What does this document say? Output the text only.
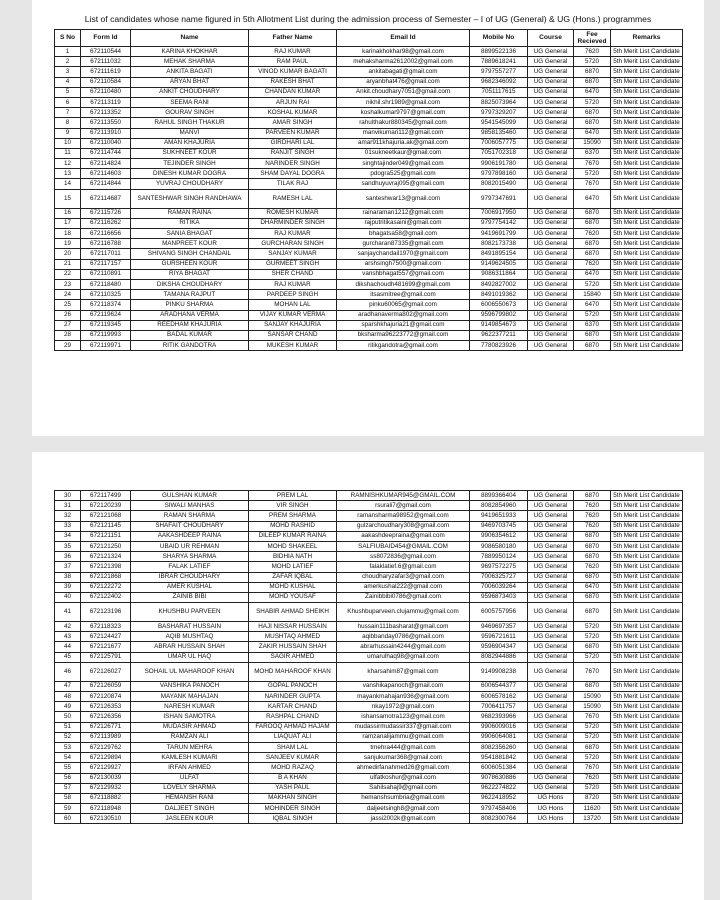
List of candidates whose name figured in 5th Allotment List during the admission process of Semester – I of UG (General) & UG (Hons.) programmes
S No	Form Id	Name	Father Name	Email Id	Mobile No	Course	Fee Recieved	Remarks
1	672110544	KARINA KHOKHAR	RAJ KUMAR	karinakhokhar98@gmail.com	8899522136	UG General	7620	5th Merit List Candidate
2	672111032	MEHAK SHARMA	RAM PAUL	mehaksharma2612002@gmail.com	7889618241	UG General	5720	5th Merit List Candidate
3	672111619	ANKITA BAGATI	VINOD KUMAR BAGATI	ankitabagati@gmail.com	9797557277	UG General	6870	5th Merit List Candidate
4	672110584	ARYAN BHAT	RAKESH BHAT	aryanbhat476@gmail.com	9682346092	UG General	6870	5th Merit List Candidate
5	672110480	ANKIT CHOUDHARY	CHANDAN KUMAR	Ankit.choudhary7051@gmail.com	7051117615	UG General	6470	5th Merit List Candidate
6	672113119	SEEMA RANI	ARJUN RAI	nikhil.shr1989@gmail.com	8825073964	UG General	5720	5th Merit List Candidate
7	672113352	GOURAV SINGH	KOSHAL KUMAR	koshalkumar9797@gmail.com	9797329207	UG General	6870	5th Merit List Candidate
8	672113550	RAHUL SINGH THAKUR	AMAR SINGH	rahulthakur880345@gmail.com	9541545099	UG General	6870	5th Merit List Candidate
9	672113910	MANVI	PARVEEN KUMAR	manvikumari112@gmail.com	9858135460	UG General	6470	5th Merit List Candidate
10	672110040	AMAN KHAJURIA	GIRDHARI LAL	amar911khajuria.ak@gmail.com	7006057775	UG General	15090	5th Merit List Candidate
11	672114744	SUKHNEET KOUR	RANJIT SINGH	01sukneetkaur@gmail.com	7051702318	UG General	6370	5th Merit List Candidate
12	672114824	TEJINDER SINGH	NARINDER SINGH	singhtajinder049@gmail.com	9906191780	UG General	7670	5th Merit List Candidate
13	672114603	DINESH KUMAR DOGRA	SHAM DAYAL DOGRA	pdogra525@gmail.com	9797898160	UG General	5720	5th Merit List Candidate
14	672114844	YUVRAJ CHOUDHARY	TILAK RAJ	sandhuyuvraj095@gmail.com	8082015490	UG General	7670	5th Merit List Candidate
15	672114687	SANTESHWAR SINGH RANDHAWA	RAMESH LAL	santeshwar13@gmail.com	9797347691	UG General	6470	5th Merit List Candidate
16	672115726	RAMAN RAINA	ROMESH KUMAR	rainaraman1212@gmail.com	7006917950	UG General	6870	5th Merit List Candidate
17	672116262	RITIKA	DHARMINDER SINGH	rajputritikasaini@gmail.com	9797754142	UG General	6870	5th Merit List Candidate
18	672116656	SANIA BHAGAT	RAJ KUMAR	bhagatsa58@gmail.com	9419691799	UG General	7620	5th Merit List Candidate
19	672116788	MANPREET KOUR	GURCHARAN SINGH	gurcharan87335@gmail.com	8082173738	UG General	6870	5th Merit List Candidate
20	672117011	SHIVANG SINGH CHANDAIL	SANJAY KUMAR	sanjaychandail1970@gmail.com	8491895154	UG General	6870	5th Merit List Candidate
21	672117157	GURSHEEN KOUR	GURMEET SINGH	arshsingh7500@gmail.com	9149624505	UG General	7620	5th Merit List Candidate
22	672110891	RIYA BHAGAT	SHER CHAND	vanshbhagat557@gmail.com	9086311864	UG General	6470	5th Merit List Candidate
23	672118480	DIKSHA CHOUDHARY	RAJ KUMAR	dikshachoudh481699@gmail.com	8492827002	UG General	5720	5th Merit List Candidate
24	672110325	TAMANA RAJPUT	PARDEEP SINGH	itsasmitree@gmail.com	8491019362	UG General	15840	5th Merit List Candidate
25	672118374	PINKU SHARMA	MOHAN LAL	pinku60065@gmail.com	6006550673	UG General	6470	5th Merit List Candidate
26	672119624	ARADHANA VERMA	VIJAY KUMAR VERMA	aradhanaverma802@gmail.com	9596799802	UG General	5720	5th Merit List Candidate
27	672119345	REEDHAM KHAJURIA	SANJAY KHAJURIA	sparshkhajuria21@gmail.com	9149854673	UG General	6370	5th Merit List Candidate
28	672119993	BADAL KUMAR	SANSAR CHAND	bksharma96223772@gmail.com	9622377211	UG General	6870	5th Merit List Candidate
29	672119971	RITIK GANDOTRA	MUKESH KUMAR	ritikgandotra@gmail.com	7780823926	UG General	6870	5th Merit List Candidate
30	672117499	GULSHAN KUMAR	PREM LAL	RAMNISHKUMAR945@GMAIL.COM	8899366404	UG General	6870	5th Merit List Candidate
31	672120239	SIWALI MANHAS	VIR SINGH	rsurali7@gmail.com	8082854960	UG General	7620	5th Merit List Candidate
32	672121068	RAMAN SHARMA	PREM SHARMA	ramansharma98952@gmail.com	9419651933	UG General	7620	5th Merit List Candidate
33	672121145	SHAFAIT CHOUDHARY	MOHD RASHID	gulzarchoudhary308@gmail.com	9469703745	UG General	7620	5th Merit List Candidate
34	672121151	AAKASHDEEP RAINA	DILEEP KUMAR RAINA	aakashdeepraina@gmail.com	9906354612	UG General	6870	5th Merit List Candidate
35	672121250	UBAID UR REHMAN	MOHD SHAKEEL	SALFIUBAID454@GMAIL.COM	9086580180	UG General	6870	5th Merit List Candidate
36	672121324	SHARYA SHARMA	BIDHIA NATH	ss8072836@gmail.com	7889950124	UG General	6870	5th Merit List Candidate
37	672121398	FALAK LATIEF	MOHD LATIEF	falaklatief.6@gmail.com	9697572275	UG General	7620	5th Merit List Candidate
38	672121868	IBRAR CHOUDHARY	ZAFAR IQBAL	choudharyzafar3@gmail.com	7006325727	UG General	6870	5th Merit List Candidate
39	672122272	AMER KUSHAL	MOHD KUSHAL	amerkushal222@gmail.com	7006039264	UG General	6470	5th Merit List Candidate
40	672122402	ZAINIB BIBI	MOHD YOUSAF	Zainibbibi0786@gmail.com	9596873403	UG General	6870	5th Merit List Candidate
41	672123196	KHUSHBU PARVEEN	SHABIR AHMAD SHEIKH	Khushbuparveen.clujammu@gmail.com	6005757956	UG General	6870	5th Merit List Candidate
42	672118323	BASHARAT HUSSAIN	HAJI NISSAR HUSSAIN	hussain111basharat@gmail.com	9469697357	UG General	5720	5th Merit List Candidate
43	672124427	AQIB MUSHTAQ	MUSHTAQ AHMED	aqibbanday0786@gmail.com	9596721611	UG General	5720	5th Merit List Candidate
44	672121677	ABRAR HUSSAIN SHAH	ZAKIR HUSSAIN SHAH	abrarhussain4244@gmail.com	9596904347	UG General	6870	5th Merit List Candidate
45	672125791	UMAR UL HAQ	SAGIR AHMED	umarulhaq98@gmail.com	8082944886	UG General	5720	5th Merit List Candidate
46	672126027	SOHAIL UL MAHAROOF KHAN	MOHD MAHAROOF KHAN	kharsahim87@gmail.com	9149908238	UG General	7670	5th Merit List Candidate
47	672126059	VANSHIKA PANOCH	GOPAL PANOCH	vanshikapanoch@gmail.com	6006544377	UG General	6870	5th Merit List Candidate
48	672120874	MAYANK MAHAJAN	NARINDER GUPTA	mayankmahajan936@gmail.com	6006578162	UG General	15090	5th Merit List Candidate
49	672126353	NARESH KUMAR	KARTAR CHAND	nkay1972@gmail.com	7006411757	UG General	15090	5th Merit List Candidate
50	672126356	ISHAN SAMOTRA	RASHPAL CHAND	ishansamotra123@gmail.com	9682393966	UG General	7670	5th Merit List Candidate
51	672126771	MUDASIR AHMAD	FAROOQ AHMAD HAJAM	mudassirmudassir337@gmail.com	9906009016	UG General	5720	5th Merit List Candidate
52	672113989	RAMZAN ALI	LIAQUAT ALI	ramzanalijammu@gmail.com	9906064081	UG General	5720	5th Merit List Candidate
53	672129762	TARUN MEHRA	SHAM LAL	tmehra444@gmail.com	8082356260	UG General	6870	5th Merit List Candidate
54	672129894	KAMLESH KUMARI	SANJEEV KUMAR	sanjukumar368@gmail.com	9541881842	UG General	5720	5th Merit List Candidate
55	672129927	IRFAN AHMED	MOHD RAZAQ	ahmedirfanahmed26@gmail.com	6006051384	UG General	7670	5th Merit List Candidate
56	672130039	ULFAT	B A KHAN	ulfatkoshur@gmail.com	9078630886	UG General	7620	5th Merit List Candidate
57	672129932	LOVELY SHARMA	YASH PAUL	Sahilsahaj9@gmail.com	9622274822	UG General	5720	5th Merit List Candidate
58	672118882	HEMANSH RANI	MAKHAN SINGH	hemanshsumbria@gmail.com	9622418952	UG Hons	8720	5th Merit List Candidate
59	672118948	DALJEET SINGH	MOHINDER SINGH	daljeetsingh8@gmail.com	9797458406	UG Hons	11620	5th Merit List Candidate
60	672130510	JASLEEN KOUR	IQBAL SINGH	jassi2002k@gmail.com	8082300764	UG Hons	13720	5th Merit List Candidate
